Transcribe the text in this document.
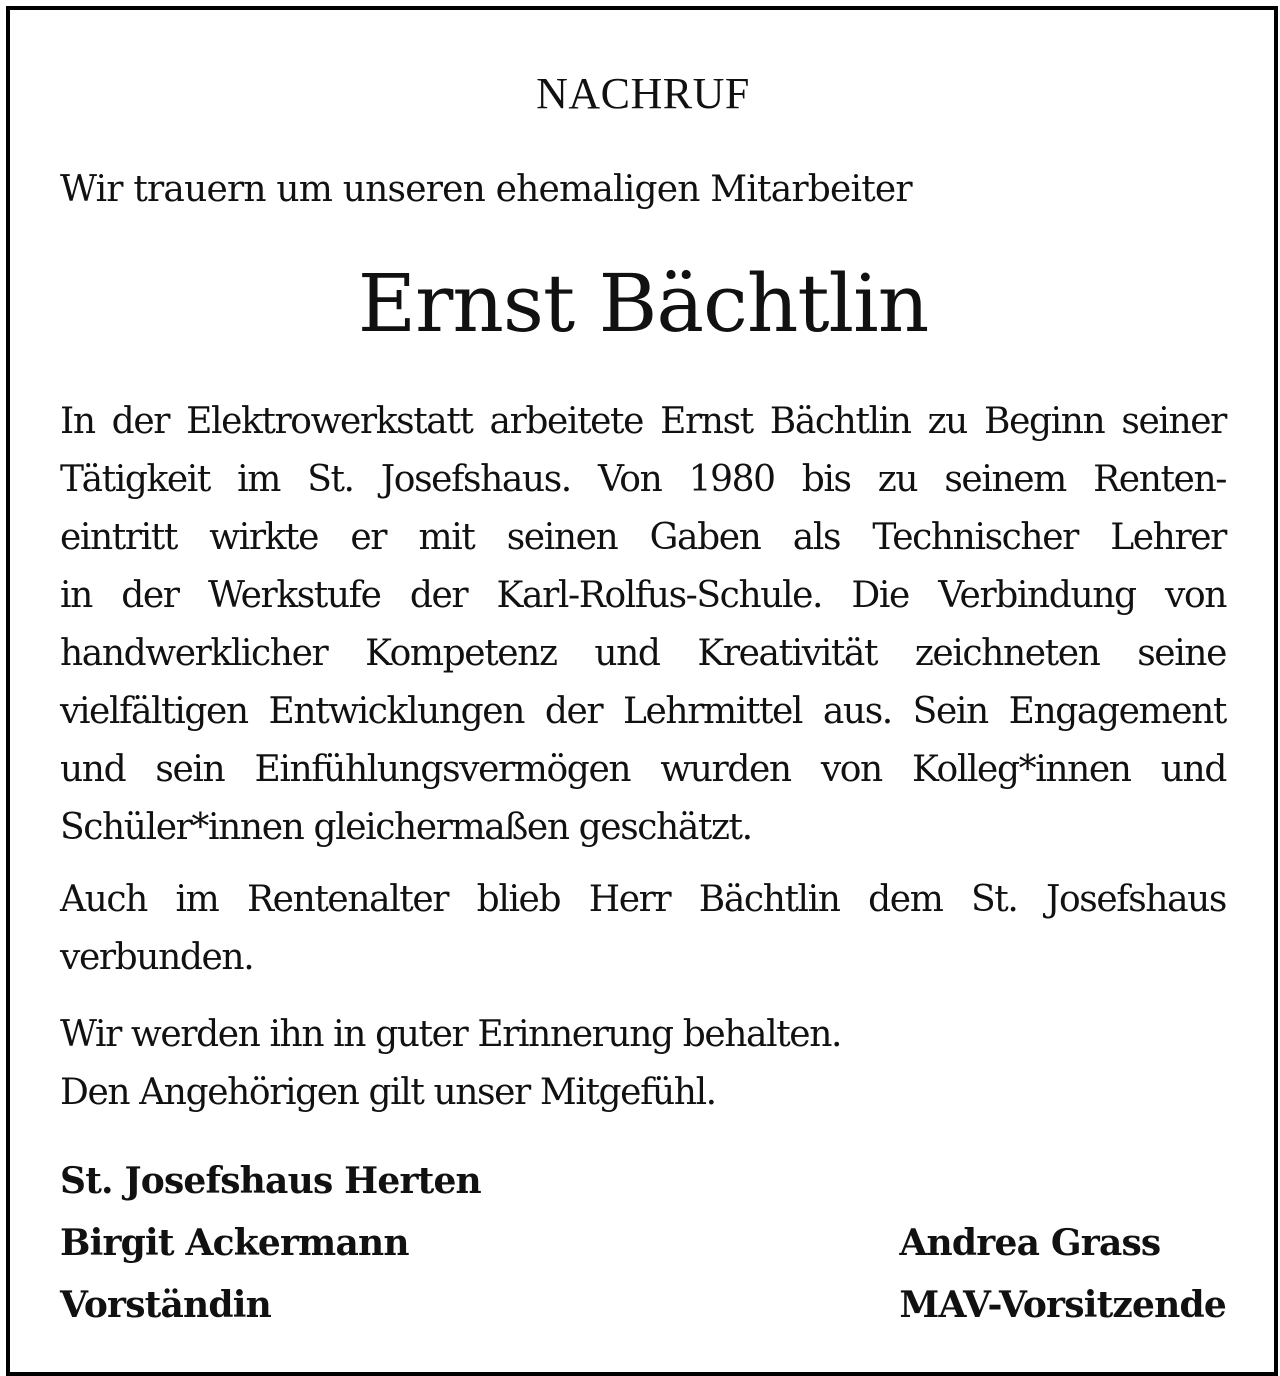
NACHRUF
Wir trauern um unseren ehemaligen Mitarbeiter
Ernst Bächtlin
In der Elektrowerkstatt arbeitete Ernst Bächtlin zu Beginn seiner
Tätigkeit im St. Josefshaus. Von 1980 bis zu seinem Renten-
eintritt wirkte er mit seinen Gaben als Technischer Lehrer
in der Werkstufe der Karl-Rolfus-Schule. Die Verbindung von
handwerklicher Kompetenz und Kreativität zeichneten seine
vielfältigen Entwicklungen der Lehrmittel aus. Sein Engagement
und sein Einfühlungsvermögen wurden von Kolleg*innen und
Schüler*innen gleichermaßen geschätzt.
Auch im Rentenalter blieb Herr Bächtlin dem St. Josefshaus
verbunden.
Wir werden ihn in guter Erinnerung behalten.
Den Angehörigen gilt unser Mitgefühl.
St. Josefshaus Herten
Birgit Ackermann
Vorständin
Andrea Grass
MAV-Vorsitzende
